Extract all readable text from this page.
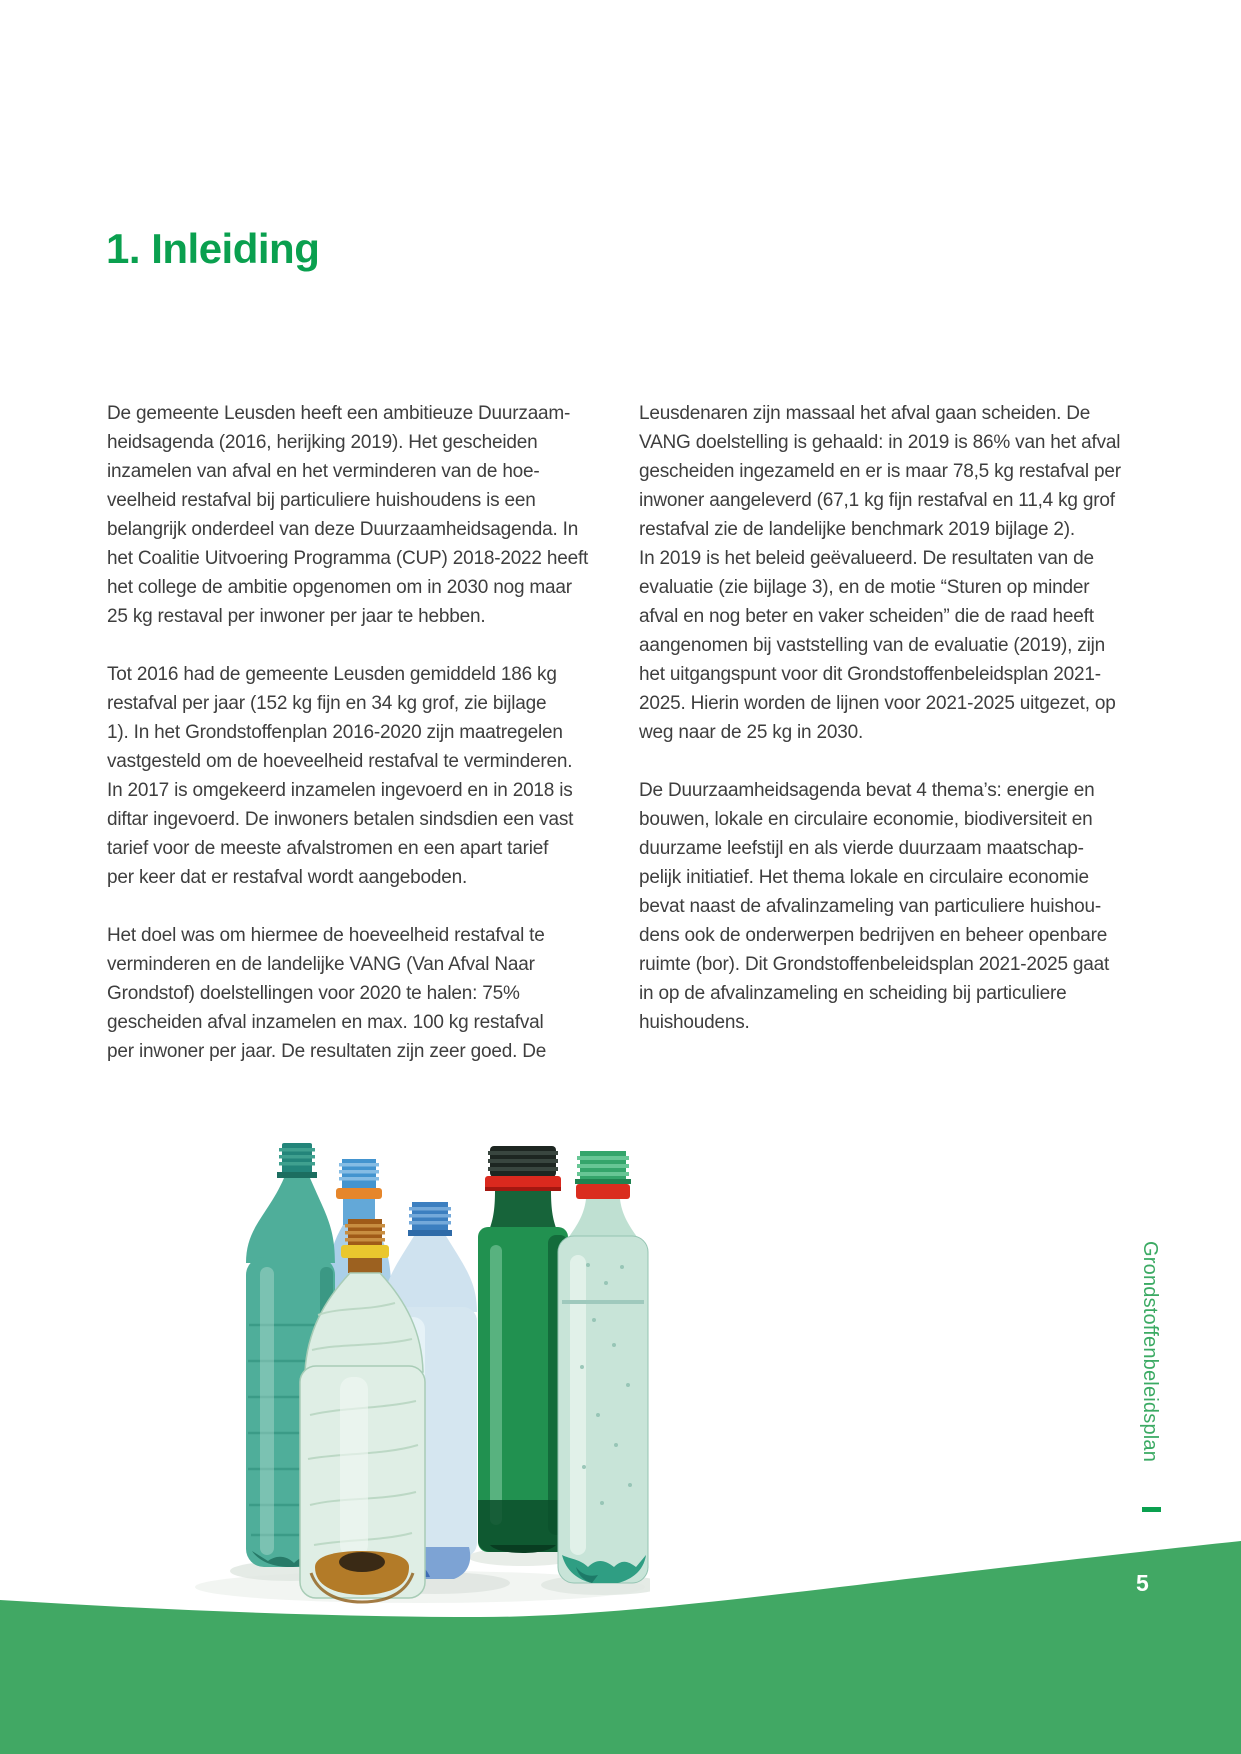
1. Inleiding
De gemeente Leusden heeft een ambitieuze Duurzaam-
heidsagenda (2016, herijking 2019). Het gescheiden
inzamelen van afval en het verminderen van de hoe-
veelheid restafval bij particuliere huishoudens is een
belangrijk onderdeel van deze Duurzaamheidsagenda. In
het Coalitie Uitvoering Programma (CUP) 2018-2022 heeft
het college de ambitie opgenomen om in 2030 nog maar
25 kg restaval per inwoner per jaar te hebben.
Tot 2016 had de gemeente Leusden gemiddeld 186 kg
restafval per jaar (152 kg fijn en 34 kg grof, zie bijlage
1). In het Grondstoffenplan 2016-2020 zijn maatregelen
vastgesteld om de hoeveelheid restafval te verminderen.
In 2017 is omgekeerd inzamelen ingevoerd en in 2018 is
diftar ingevoerd. De inwoners betalen sindsdien een vast
tarief voor de meeste afvalstromen en een apart tarief
per keer dat er restafval wordt aangeboden.
Het doel was om hiermee de hoeveelheid restafval te
verminderen en de landelijke VANG (Van Afval Naar
Grondstof) doelstellingen voor 2020 te halen: 75%
gescheiden afval inzamelen en max. 100 kg restafval
per inwoner per jaar. De resultaten zijn zeer goed. De
Leusdenaren zijn massaal het afval gaan scheiden. De
VANG doelstelling is gehaald: in 2019 is 86% van het afval
gescheiden ingezameld en er is maar 78,5 kg restafval per
inwoner aangeleverd (67,1 kg fijn restafval en 11,4 kg grof
restafval zie de landelijke benchmark 2019 bijlage 2).
In 2019 is het beleid geëvalueerd. De resultaten van de
evaluatie (zie bijlage 3), en de motie “Sturen op minder
afval en nog beter en vaker scheiden” die de raad heeft
aangenomen bij vaststelling van de evaluatie (2019), zijn
het uitgangspunt voor dit Grondstoffenbeleidsplan 2021-
2025. Hierin worden de lijnen voor 2021-2025 uitgezet, op
weg naar de 25 kg in 2030.
De Duurzaamheidsagenda bevat 4 thema’s: energie en
bouwen, lokale en circulaire economie, biodiversiteit en
duurzame leefstijl en als vierde duurzaam maatschap-
pelijk initiatief. Het thema lokale en circulaire economie
bevat naast de afvalinzameling van particuliere huishou-
dens ook de onderwerpen bedrijven en beheer openbare
ruimte (bor). Dit Grondstoffenbeleidsplan 2021-2025 gaat
in op de afvalinzameling en scheiding bij particuliere
huishoudens.
Grondstoffenbeleidsplan
5
